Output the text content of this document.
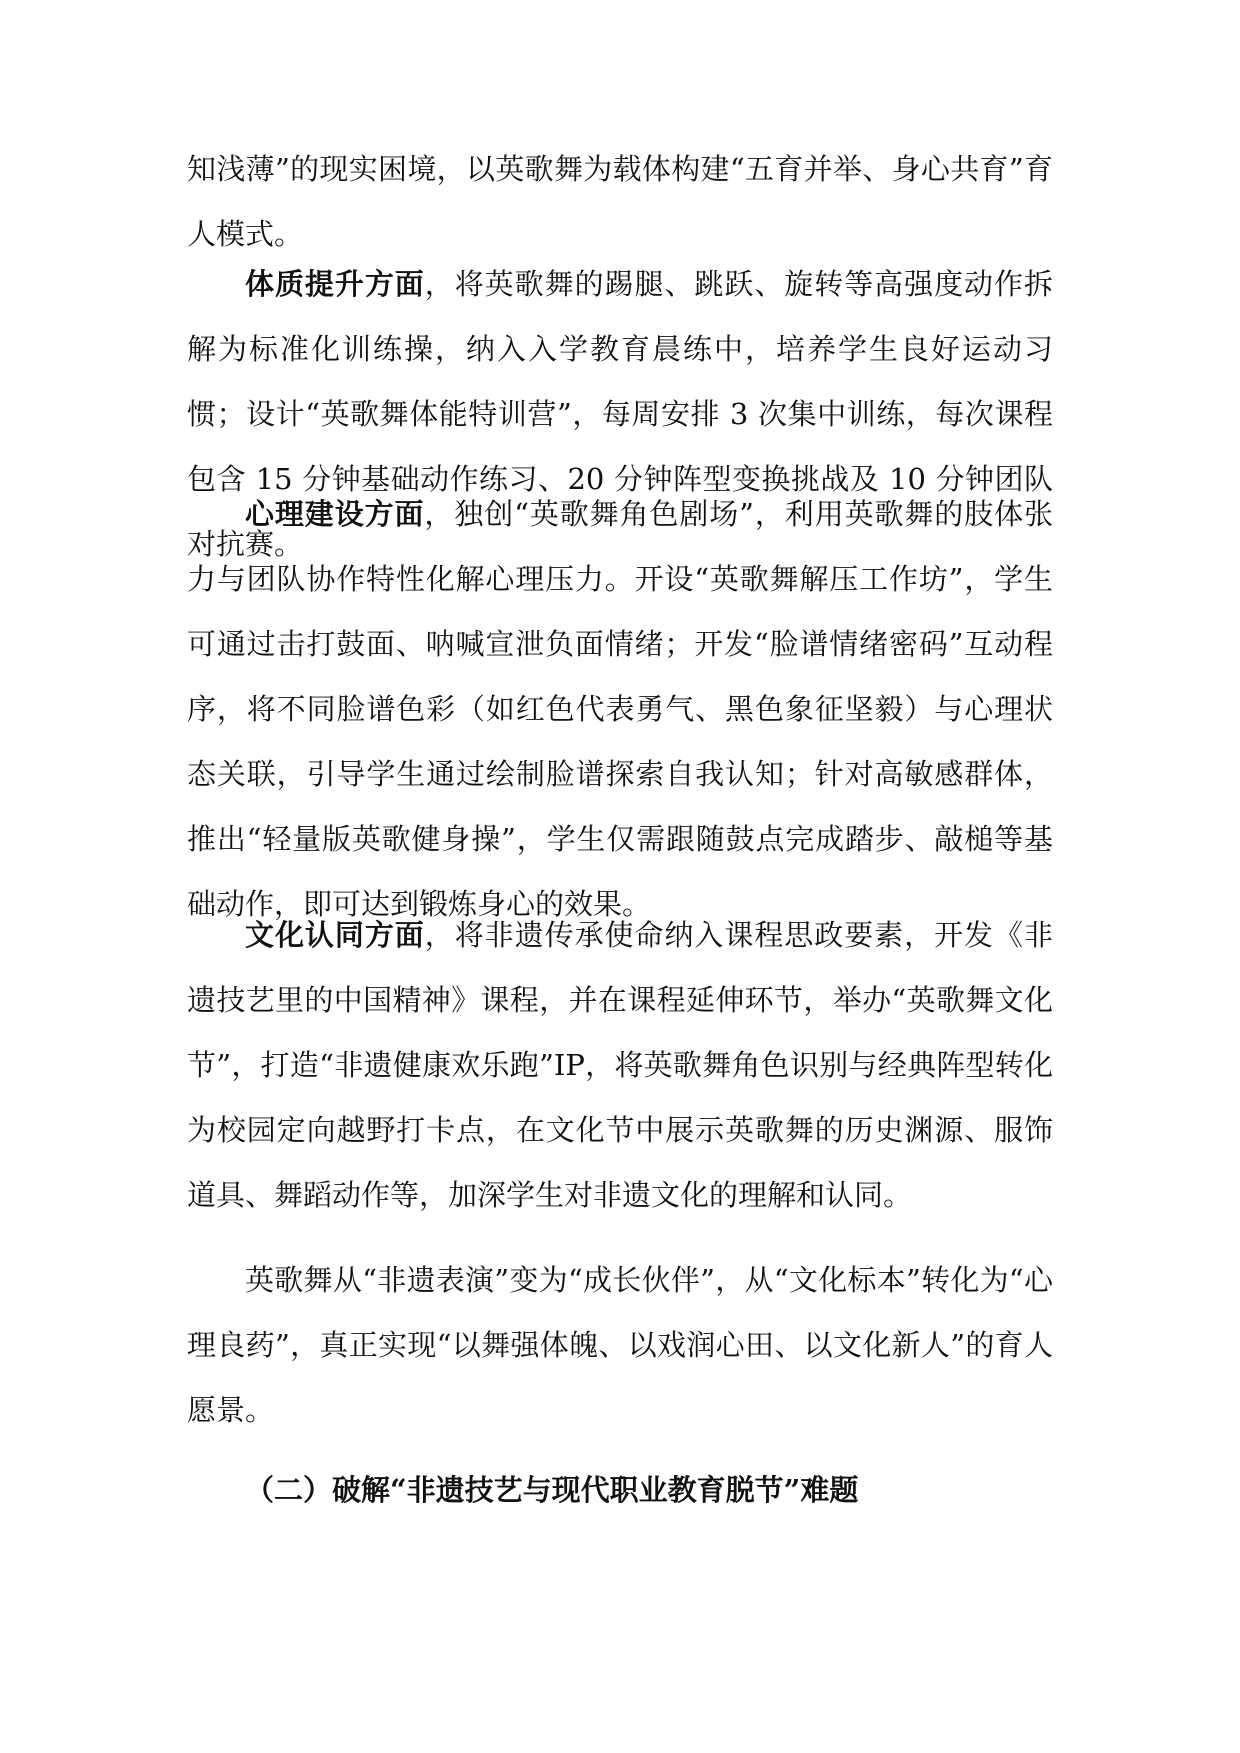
知浅薄”的现实困境，以英歌舞为载体构建“五育并举、身心共育”育人模式。

体质提升方面，将英歌舞的踢腿、跳跃、旋转等高强度动作拆解为标准化训练操，纳入入学教育晨练中，培养学生良好运动习惯；设计“英歌舞体能特训营”，每周安排 3 次集中训练，每次课程包含 15 分钟基础动作练习、20 分钟阵型变换挑战及 10 分钟团队对抗赛。

心理建设方面，独创“英歌舞角色剧场”，利用英歌舞的肢体张力与团队协作特性化解心理压力。开设“英歌舞解压工作坊”，学生可通过击打鼓面、呐喊宣泄负面情绪；开发“脸谱情绪密码”互动程序，将不同脸谱色彩（如红色代表勇气、黑色象征坚毅）与心理状态关联，引导学生通过绘制脸谱探索自我认知；针对高敏感群体，推出“轻量版英歌健身操”，学生仅需跟随鼓点完成踏步、敲槌等基础动作，即可达到锻炼身心的效果。

文化认同方面，将非遗传承使命纳入课程思政要素，开发《非遗技艺里的中国精神》课程，并在课程延伸环节，举办“英歌舞文化节”，打造“非遗健康欢乐跑”IP，将英歌舞角色识别与经典阵型转化为校园定向越野打卡点，在文化节中展示英歌舞的历史渊源、服饰道具、舞蹈动作等，加深学生对非遗文化的理解和认同。

英歌舞从“非遗表演”变为“成长伙伴”，从“文化标本”转化为“心理良药”，真正实现“以舞强体魄、以戏润心田、以文化新人”的育人愿景。

（二）破解“非遗技艺与现代职业教育脱节”难题
